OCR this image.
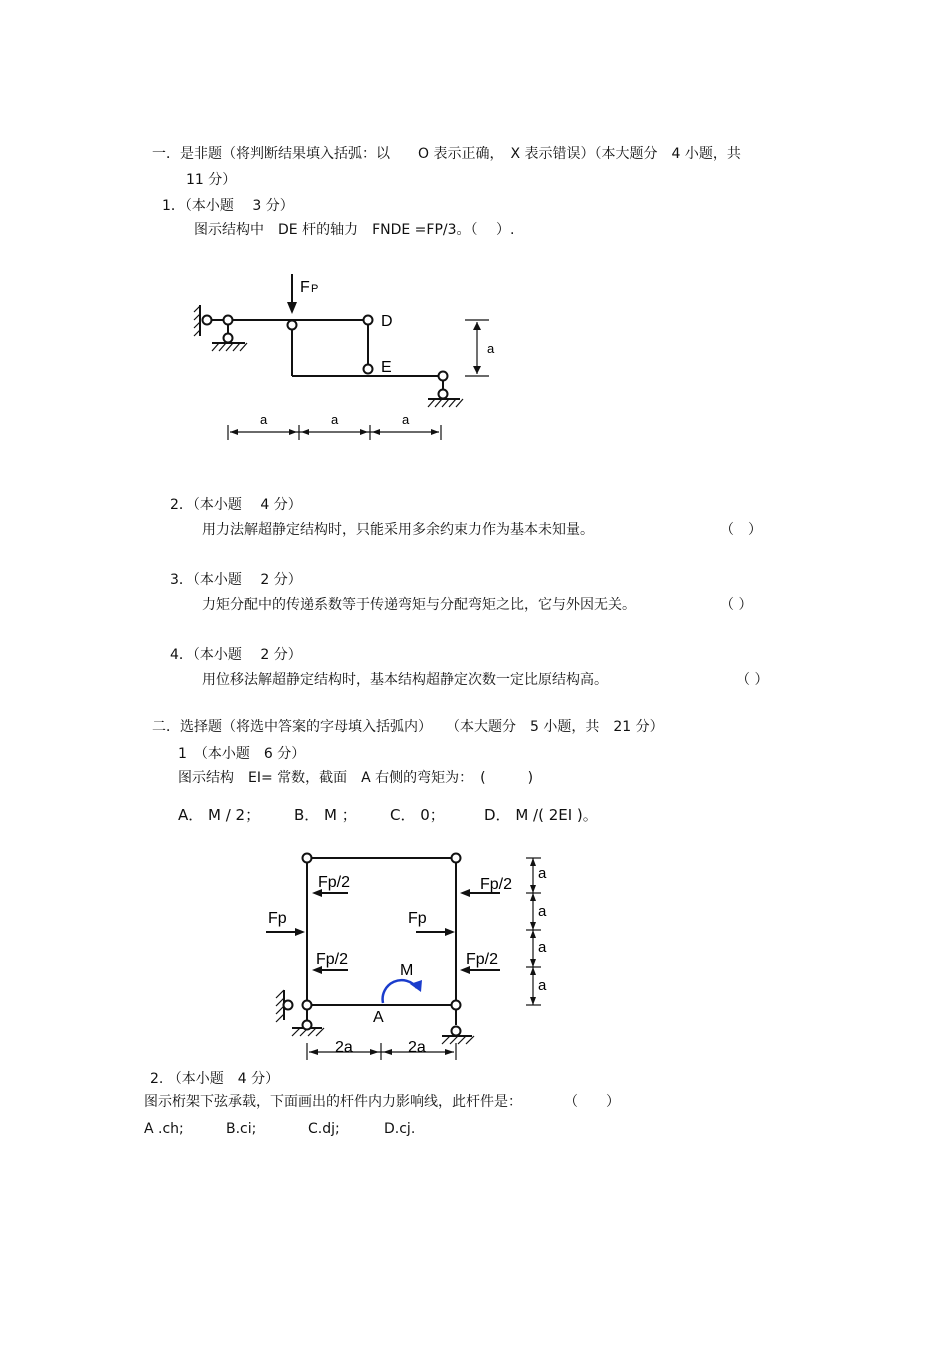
一．是非题（将判断结果填入括弧：以　　O 表示正确，　X 表示错误）（本大题分　4 小题，共
11 分）
1．（本小题　 3 分）
图示结构中　DE 杆的轴力　FNDE =FP/3。（　 ）.
F P
D
E
a
a	a	a
2．（本小题　 4 分）
用力法解超静定结构时，只能采用多余约束力作为基本未知量。	（　）
3．（本小题　 2 分）
力矩分配中的传递系数等于传递弯矩与分配弯矩之比，它与外因无关。	（ ）
4．（本小题　 2 分）
用位移法解超静定结构时，基本结构超静定次数一定比原结构高。	（ ）
二．选择题（将选中答案的字母填入括弧内）　　（本大题分　5 小题，共　21 分）
1　（本小题　6 分）
图示结构　EI= 常数，截面　A 右侧的弯矩为：　(　　　)
A． M / 2； B． M ； C． 0；	D． M /( 2EI )。
Fp/2	Fp/2
Fp	Fp
Fp/2	Fp/2
M
A
a
a
a
a
2a	2a
2. （本小题　4 分）
图示桁架下弦承载，下面画出的杆件内力影响线，此杆件是：　　　　（　　）
A .ch;	B.ci;	C.dj;	D.cj.
